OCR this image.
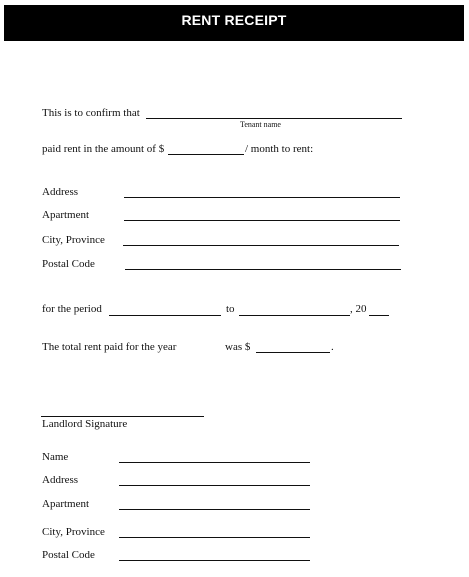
RENT RECEIPT
This is to confirm that
Tenant name
paid rent in the amount of $	/ month to rent:
Address
Apartment
City, Province
Postal Code
for the period	to	, 20
The total rent paid for the year	was $	.
Landlord Signature
Name
Address
Apartment
City, Province
Postal Code
